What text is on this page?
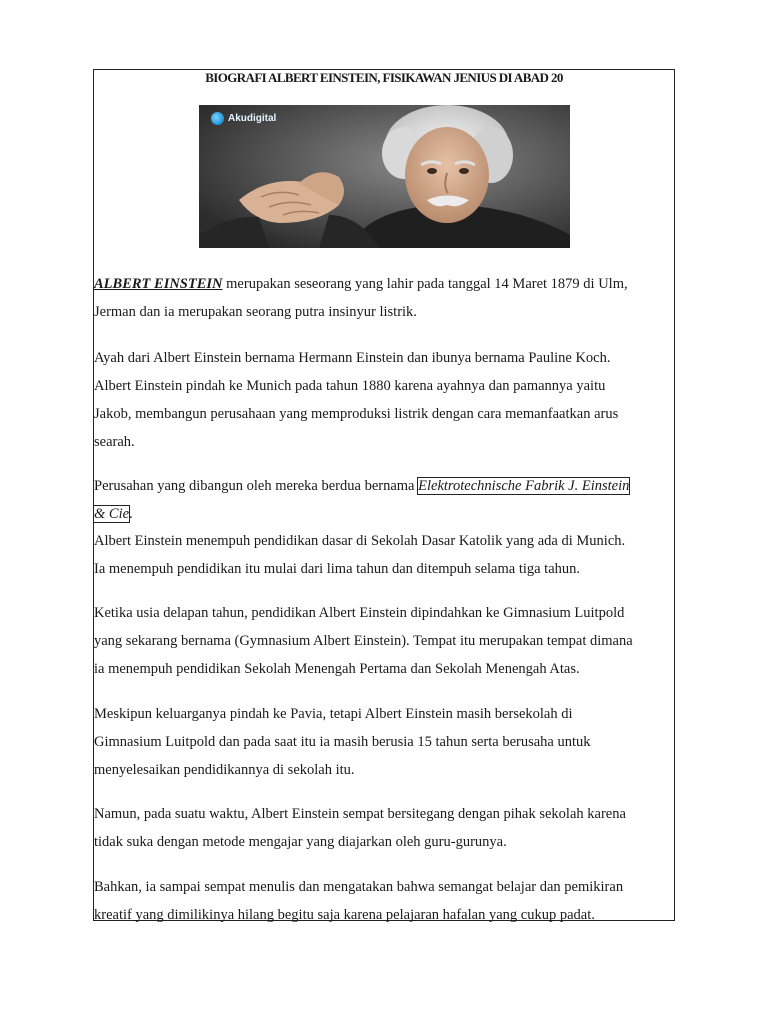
BIOGRAFI ALBERT EINSTEIN, FISIKAWAN JENIUS DI ABAD 20
Akudigital

ALBERT EINSTEIN merupakan seseorang yang lahir pada tanggal 14 Maret 1879 di Ulm,
Jerman dan ia merupakan seorang putra insinyur listrik.

Ayah dari Albert Einstein bernama Hermann Einstein dan ibunya bernama Pauline Koch.
Albert Einstein pindah ke Munich pada tahun 1880 karena ayahnya dan pamannya yaitu
Jakob, membangun perusahaan yang memproduksi listrik dengan cara memanfaatkan arus
searah.

Perusahan yang dibangun oleh mereka berdua bernama Elektrotechnische Fabrik J. Einstein
& Cie.

Albert Einstein menempuh pendidikan dasar di Sekolah Dasar Katolik yang ada di Munich.
Ia menempuh pendidikan itu mulai dari lima tahun dan ditempuh selama tiga tahun.

Ketika usia delapan tahun, pendidikan Albert Einstein dipindahkan ke Gimnasium Luitpold
yang sekarang bernama (Gymnasium Albert Einstein). Tempat itu merupakan tempat dimana
ia menempuh pendidikan Sekolah Menengah Pertama dan Sekolah Menengah Atas.

Meskipun keluarganya pindah ke Pavia, tetapi Albert Einstein masih bersekolah di
Gimnasium Luitpold dan pada saat itu ia masih berusia 15 tahun serta berusaha untuk
menyelesaikan pendidikannya di sekolah itu.

Namun, pada suatu waktu, Albert Einstein sempat bersitegang dengan pihak sekolah karena
tidak suka dengan metode mengajar yang diajarkan oleh guru-gurunya.

Bahkan, ia sampai sempat menulis dan mengatakan bahwa semangat belajar dan pemikiran
kreatif yang dimilikinya hilang begitu saja karena pelajaran hafalan yang cukup padat.
